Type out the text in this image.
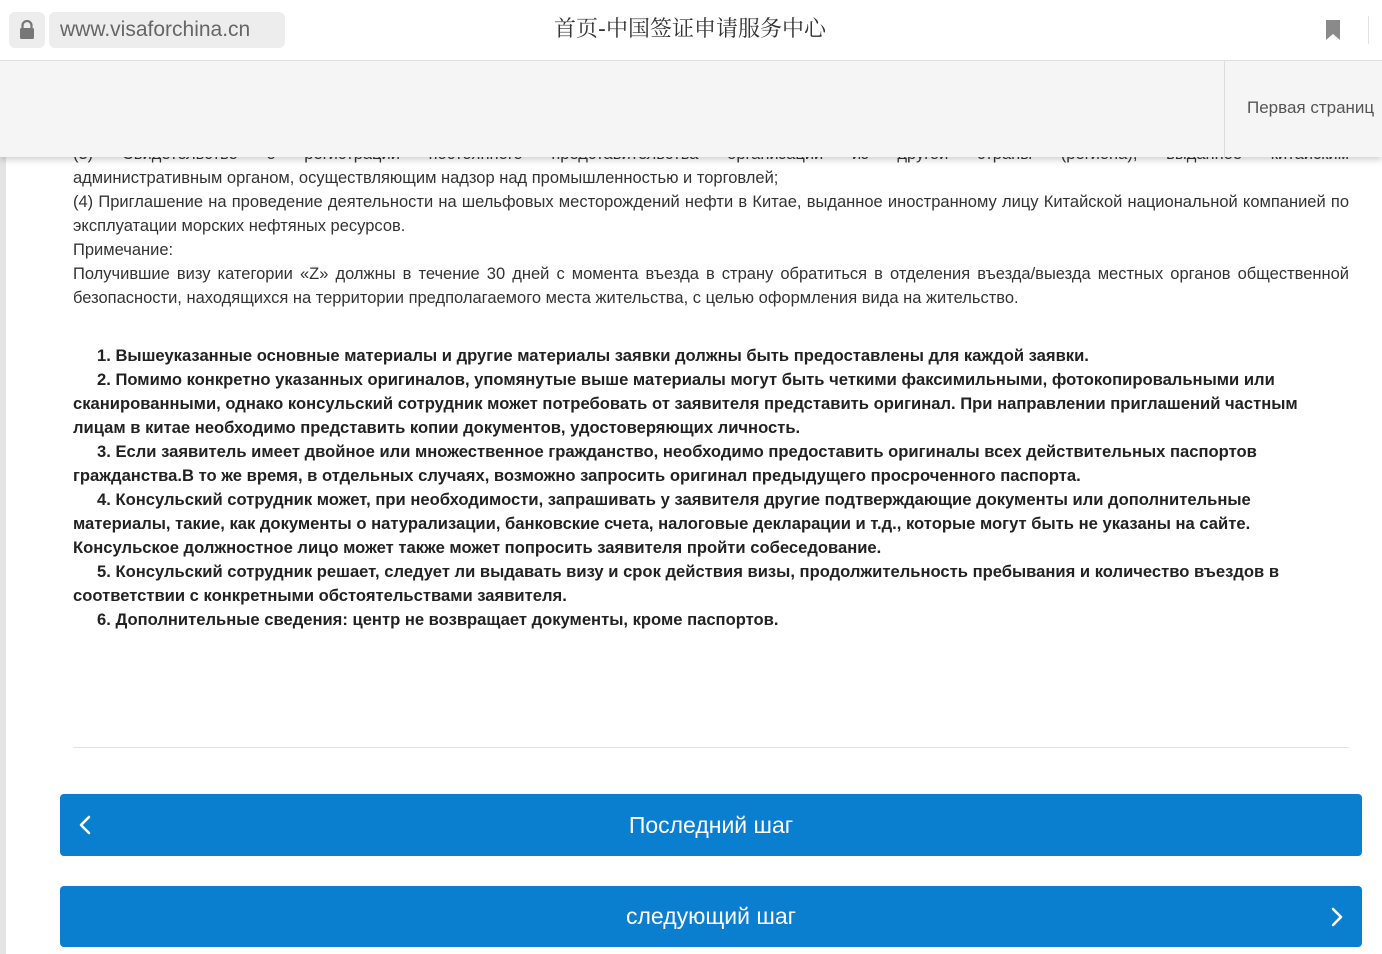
www.visaforchina.cn	首页-中国签证申请服务中心
Первая страниц

административным органом, осуществляющим надзор над промышленностью и торговлей;

(4) Приглашение на проведение деятельности на шельфовых месторождений нефти в Китае, выданное иностранному лицу Китайской национальной компанией по эксплуатации морских нефтяных ресурсов.

Примечание:

Получившие визу категории «Z» должны в течение 30 дней с момента въезда в страну обратиться в отделения въезда/выезда местных органов общественной безопасности, находящихся на территории предполагаемого места жительства, с целью оформления вида на жительство.

1. Вышеуказанные основные материалы и другие материалы заявки должны быть предоставлены для каждой заявки.

2. Помимо конкретно указанных оригиналов, упомянутые выше материалы могут быть четкими факсимильными, фотокопировальными или сканированными, однако консульский сотрудник может потребовать от заявителя представить оригинал. При направлении приглашений частным лицам в китае необходимо представить копии документов, удостоверяющих личность.

3. Если заявитель имеет двойное или множественное гражданство, необходимо предоставить оригиналы всех действительных паспортов гражданства.В то же время, в отдельных случаях, возможно запросить оригинал предыдущего просроченного паспорта.

4. Консульский сотрудник может, при необходимости, запрашивать у заявителя другие подтверждающие документы или дополнительные материалы, такие, как документы о натурализации, банковские счета, налоговые декларации и т.д., которые могут быть не указаны на сайте. Консульское должностное лицо может также может попросить заявителя пройти собеседование.

5. Консульский сотрудник решает, следует ли выдавать визу и срок действия визы, продолжительность пребывания и количество въездов в соответствии с конкретными обстоятельствами заявителя.

6. Дополнительные сведения: центр не возвращает документы, кроме паспортов.

Последний шаг
следующий шаг
